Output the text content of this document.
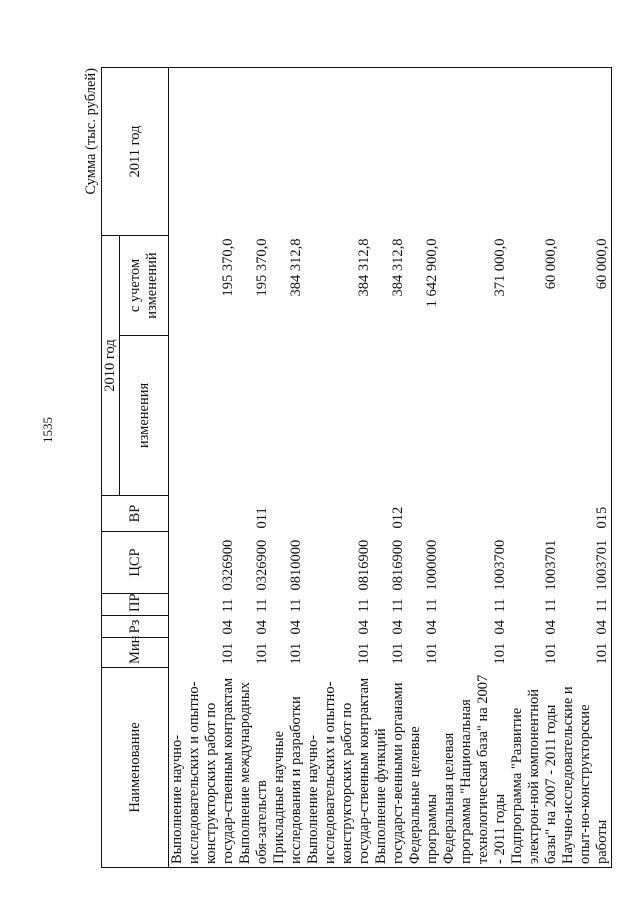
1535
Сумма (тыс. рублей)
Наименование	Мин	Рз	ПР	ЦСР	ВР	2010 год		2011 год
						изменения	с учетом изменений	
Выполнение научно-исследовательских и опытно-конструкторских работ по государ-ственным контрактам	101	04	11	0326900			195 370,0	
Выполнение международных обя-зательств	101	04	11	0326900	011		195 370,0	
Прикладные научные исследования и разработки	101	04	11	0810000			384 312,8	
Выполнение научно-исследовательских и опытно-конструкторских работ по государ-ственным контрактам	101	04	11	0816900			384 312,8	
Выполнение функций государст-венными органами	101	04	11	0816900	012		384 312,8	
Федеральные целевые программы	101	04	11	1000000			1 642 900,0	
Федеральная целевая программа "Национальная технологическая база" на 2007 - 2011 годы	101	04	11	1003700			371 000,0	
Подпрограмма "Развитие электрон-ной компонентной базы" на 2007 - 2011 годы	101	04	11	1003701			60 000,0	
Научно-исследовательские и опыт-но-конструкторские работы	101	04	11	1003701	015		60 000,0	
